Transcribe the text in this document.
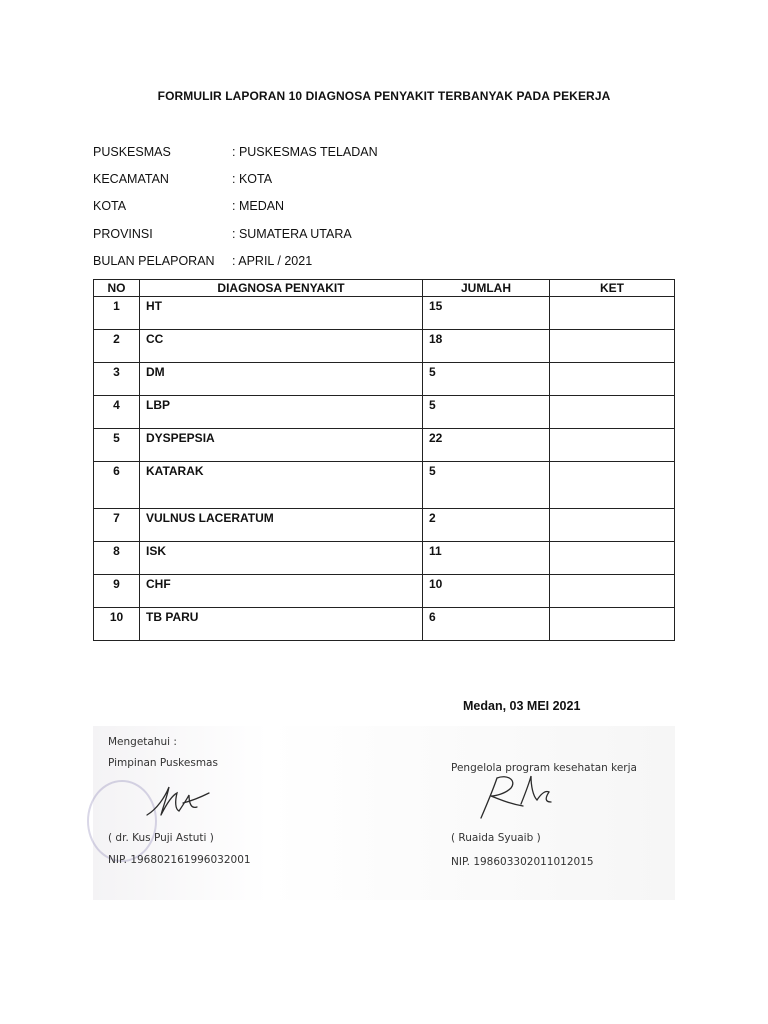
FORMULIR LAPORAN 10 DIAGNOSA PENYAKIT TERBANYAK PADA PEKERJA
PUSKESMAS	: PUSKESMAS TELADAN
KECAMATAN	: KOTA
KOTA	: MEDAN
PROVINSI	: SUMATERA UTARA
BULAN PELAPORAN : APRIL / 2021
NO	DIAGNOSA PENYAKIT	JUMLAH	KET
1	HT	15	
2	CC	18	
3	DM	5	
4	LBP	5	
5	DYSPEPSIA	22	
6	KATARAK	5	
7	VULNUS LACERATUM	2	
8	ISK	11	
9	CHF	10	
10	TB PARU	6	
Medan, 03 MEI 2021
Mengetahui :
Pimpinan Puskesmas
( dr. Kus Puji Astuti )
NIP. 196802161996032001
Pengelola program kesehatan kerja
( Ruaida Syuaib )
NIP. 198603302011012015
